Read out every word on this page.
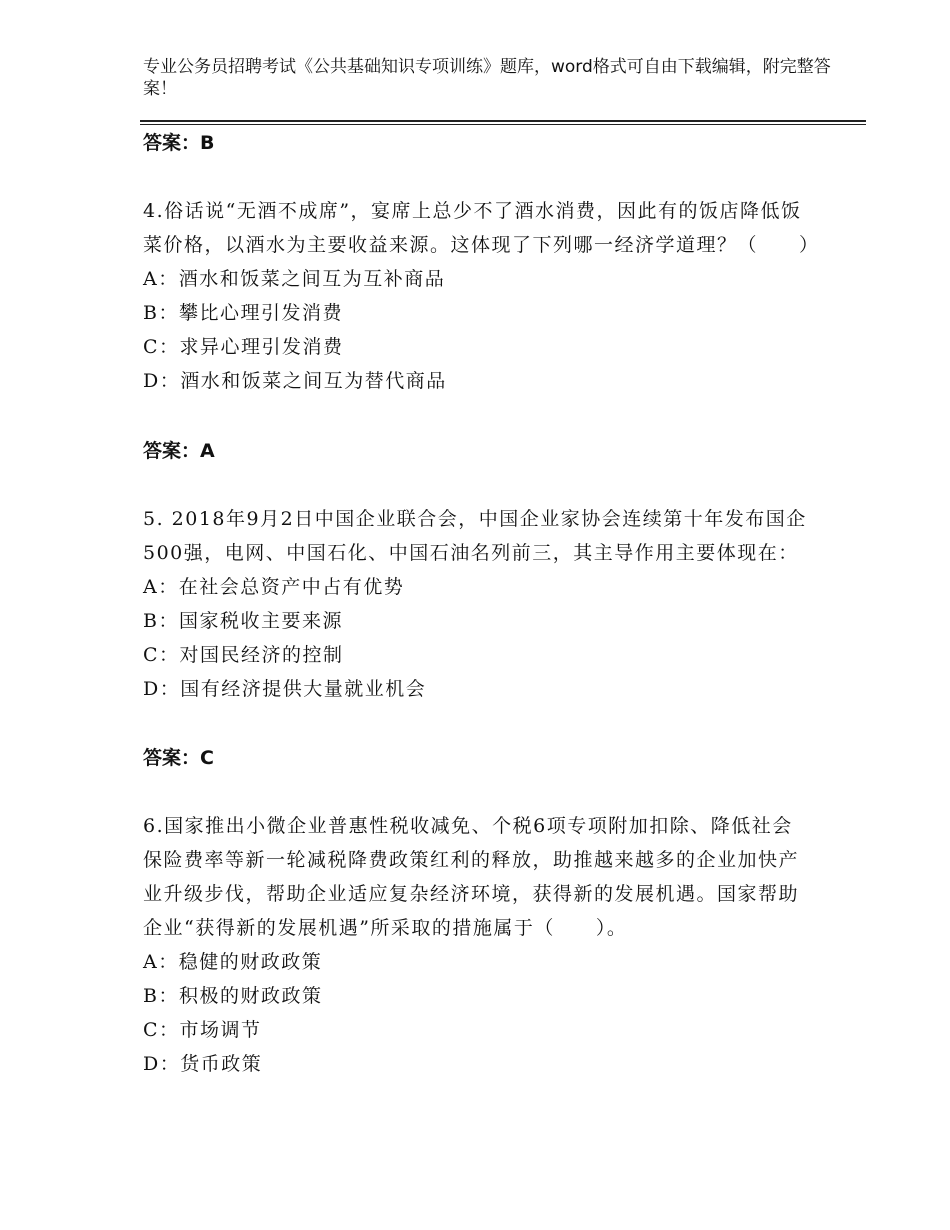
专业公务员招聘考试《公共基础知识专项训练》题库，word格式可自由下载编辑，附完整答案！
答案：B

4.俗话说“无酒不成席”，宴席上总少不了酒水消费，因此有的饭店降低饭菜价格，以酒水为主要收益来源。这体现了下列哪一经济学道理？（　　）

A：酒水和饭菜之间互为互补商品
B：攀比心理引发消费
C：求异心理引发消费
D：酒水和饭菜之间互为替代商品
答案：A

5. 2018年9月2日中国企业联合会，中国企业家协会连续第十年发布国企500强，电网、中国石化、中国石油名列前三，其主导作用主要体现在：

A：在社会总资产中占有优势
B：国家税收主要来源
C：对国民经济的控制
D：国有经济提供大量就业机会
答案：C

6.国家推出小微企业普惠性税收减免、个税6项专项附加扣除、降低社会保险费率等新一轮减税降费政策红利的释放，助推越来越多的企业加快产业升级步伐，帮助企业适应复杂经济环境，获得新的发展机遇。国家帮助企业“获得新的发展机遇”所采取的措施属于（　　）。

A：稳健的财政政策
B：积极的财政政策
C：市场调节
D：货币政策
